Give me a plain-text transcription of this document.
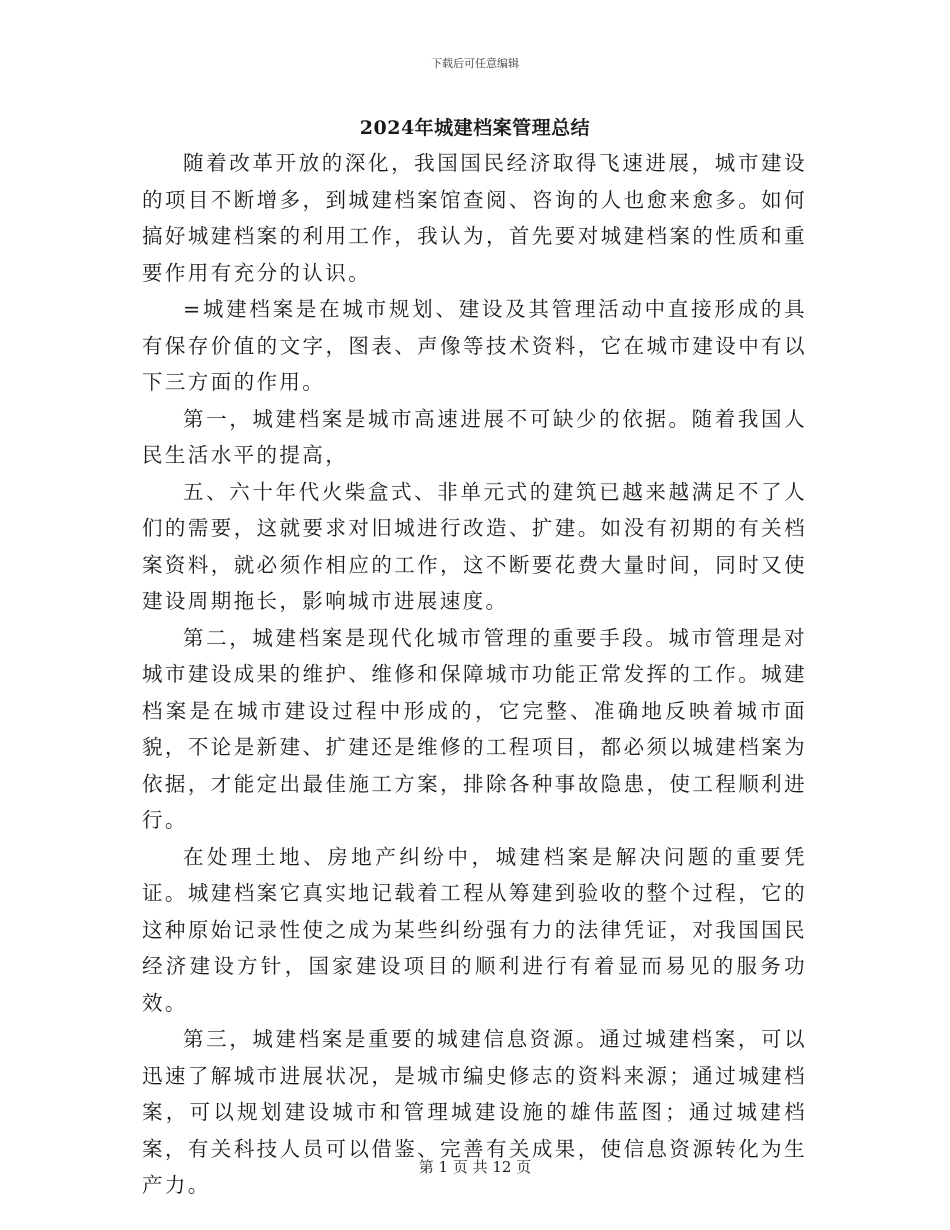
下载后可任意编辑
2024年城建档案管理总结

随着改革开放的深化，我国国民经济取得飞速进展，城市建设的项目不断增多，到城建档案馆查阅、咨询的人也愈来愈多。如何搞好城建档案的利用工作，我认为，首先要对城建档案的性质和重要作用有充分的认识。

=城建档案是在城市规划、建设及其管理活动中直接形成的具有保存价值的文字，图表、声像等技术资料，它在城市建设中有以下三方面的作用。

第一，城建档案是城市高速进展不可缺少的依据。随着我国人民生活水平的提高，

五、六十年代火柴盒式、非单元式的建筑已越来越满足不了人们的需要，这就要求对旧城进行改造、扩建。如没有初期的有关档案资料，就必须作相应的工作，这不断要花费大量时间，同时又使建设周期拖长，影响城市进展速度。

第二，城建档案是现代化城市管理的重要手段。城市管理是对城市建设成果的维护、维修和保障城市功能正常发挥的工作。城建档案是在城市建设过程中形成的，它完整、准确地反映着城市面貌，不论是新建、扩建还是维修的工程项目，都必须以城建档案为依据，才能定出最佳施工方案，排除各种事故隐患，使工程顺利进行。

在处理土地、房地产纠纷中，城建档案是解决问题的重要凭证。城建档案它真实地记载着工程从筹建到验收的整个过程，它的这种原始记录性使之成为某些纠纷强有力的法律凭证，对我国国民经济建设方针，国家建设项目的顺利进行有着显而易见的服务功效。

第三，城建档案是重要的城建信息资源。通过城建档案，可以迅速了解城市进展状况，是城市编史修志的资料来源；通过城建档案，可以规划建设城市和管理城建设施的雄伟蓝图；通过城建档案，有关科技人员可以借鉴、完善有关成果，使信息资源转化为生产力。

第 1 页 共 12 页
